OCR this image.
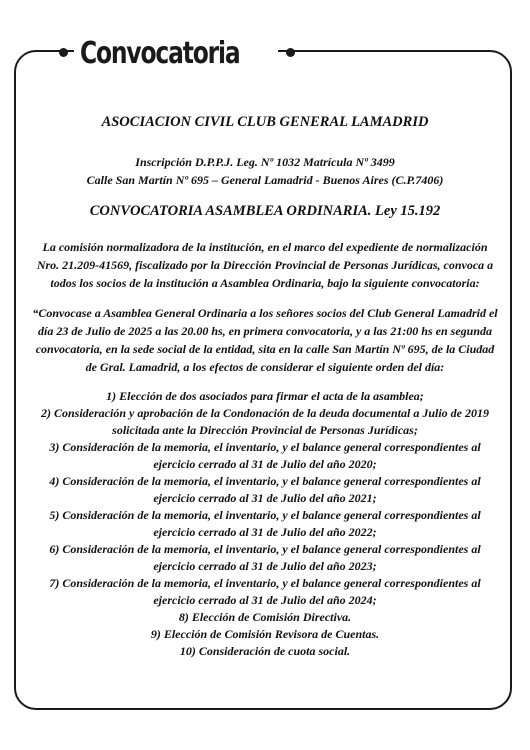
Convocatoria
ASOCIACION CIVIL CLUB GENERAL LAMADRID
Inscripción D.P.P.J. Leg. Nº 1032 Matrícula Nº 3499
Calle San Martín Nº 695 – General Lamadrid - Buenos Aires (C.P.7406)
CONVOCATORIA ASAMBLEA ORDINARIA. Ley 15.192
La comisión normalizadora de la institución, en el marco del expediente de normalización Nro. 21.209-41569, fiscalizado por la Dirección Provincial de Personas Jurídicas, convoca a todos los socios de la institución a Asamblea Ordinaria, bajo la siguiente convocatoria:
“Convocase a Asamblea General Ordinaria a los señores socios del Club General Lamadrid el día 23 de Julio de 2025 a las 20.00 hs, en primera convocatoria, y a las 21:00 hs en segunda convocatoria, en la sede social de la entidad, sita en la calle San Martín Nº 695, de la Ciudad de Gral. Lamadrid, a los efectos de considerar el siguiente orden del día:
1) Elección de dos asociados para firmar el acta de la asamblea;
2) Consideración y aprobación de la Condonación de la deuda documental a Julio de 2019 solicitada ante la Dirección Provincial de Personas Jurídicas;
3) Consideración de la memoria, el inventario, y el balance general correspondientes al ejercicio cerrado al 31 de Julio del año 2020;
4) Consideración de la memoria, el inventario, y el balance general correspondientes al ejercicio cerrado al 31 de Julio del año 2021;
5) Consideración de la memoria, el inventario, y el balance general correspondientes al ejercicio cerrado al 31 de Julio del año 2022;
6) Consideración de la memoria, el inventario, y el balance general correspondientes al ejercicio cerrado al 31 de Julio del año 2023;
7) Consideración de la memoria, el inventario, y el balance general correspondientes al ejercicio cerrado al 31 de Julio del año 2024;
8) Elección de Comisión Directiva.
9) Elección de Comisión Revisora de Cuentas.
10) Consideración de cuota social.
